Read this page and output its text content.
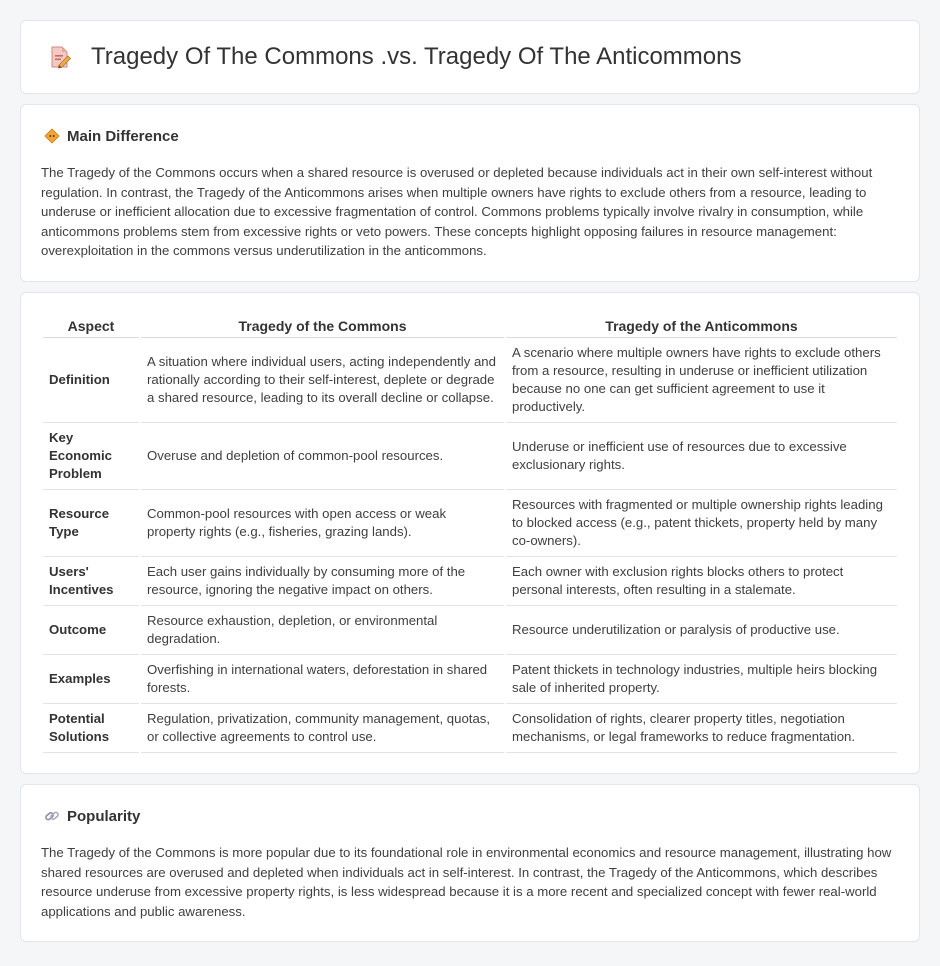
Tragedy Of The Commons .vs. Tragedy Of The Anticommons
Main Difference

The Tragedy of the Commons occurs when a shared resource is overused or depleted because individuals act in their own self-interest without regulation. In contrast, the Tragedy of the Anticommons arises when multiple owners have rights to exclude others from a resource, leading to underuse or inefficient allocation due to excessive fragmentation of control. Commons problems typically involve rivalry in consumption, while anticommons problems stem from excessive rights or veto powers. These concepts highlight opposing failures in resource management: overexploitation in the commons versus underutilization in the anticommons.

Aspect	Tragedy of the Commons	Tragedy of the Anticommons
Definition	A situation where individual users, acting independently and rationally according to their self-interest, deplete or degrade a shared resource, leading to its overall decline or collapse.	A scenario where multiple owners have rights to exclude others from a resource, resulting in underuse or inefficient utilization because no one can get sufficient agreement to use it productively.
Key Economic Problem	Overuse and depletion of common-pool resources.	Underuse or inefficient use of resources due to excessive exclusionary rights.
Resource Type	Common-pool resources with open access or weak property rights (e.g., fisheries, grazing lands).	Resources with fragmented or multiple ownership rights leading to blocked access (e.g., patent thickets, property held by many co-owners).
Users' Incentives	Each user gains individually by consuming more of the resource, ignoring the negative impact on others.	Each owner with exclusion rights blocks others to protect personal interests, often resulting in a stalemate.
Outcome	Resource exhaustion, depletion, or environmental degradation.	Resource underutilization or paralysis of productive use.
Examples	Overfishing in international waters, deforestation in shared forests.	Patent thickets in technology industries, multiple heirs blocking sale of inherited property.
Potential Solutions	Regulation, privatization, community management, quotas, or collective agreements to control use.	Consolidation of rights, clearer property titles, negotiation mechanisms, or legal frameworks to reduce fragmentation.
Popularity

The Tragedy of the Commons is more popular due to its foundational role in environmental economics and resource management, illustrating how shared resources are overused and depleted when individuals act in self-interest. In contrast, the Tragedy of the Anticommons, which describes resource underuse from excessive property rights, is less widespread because it is a more recent and specialized concept with fewer real-world applications and public awareness.
